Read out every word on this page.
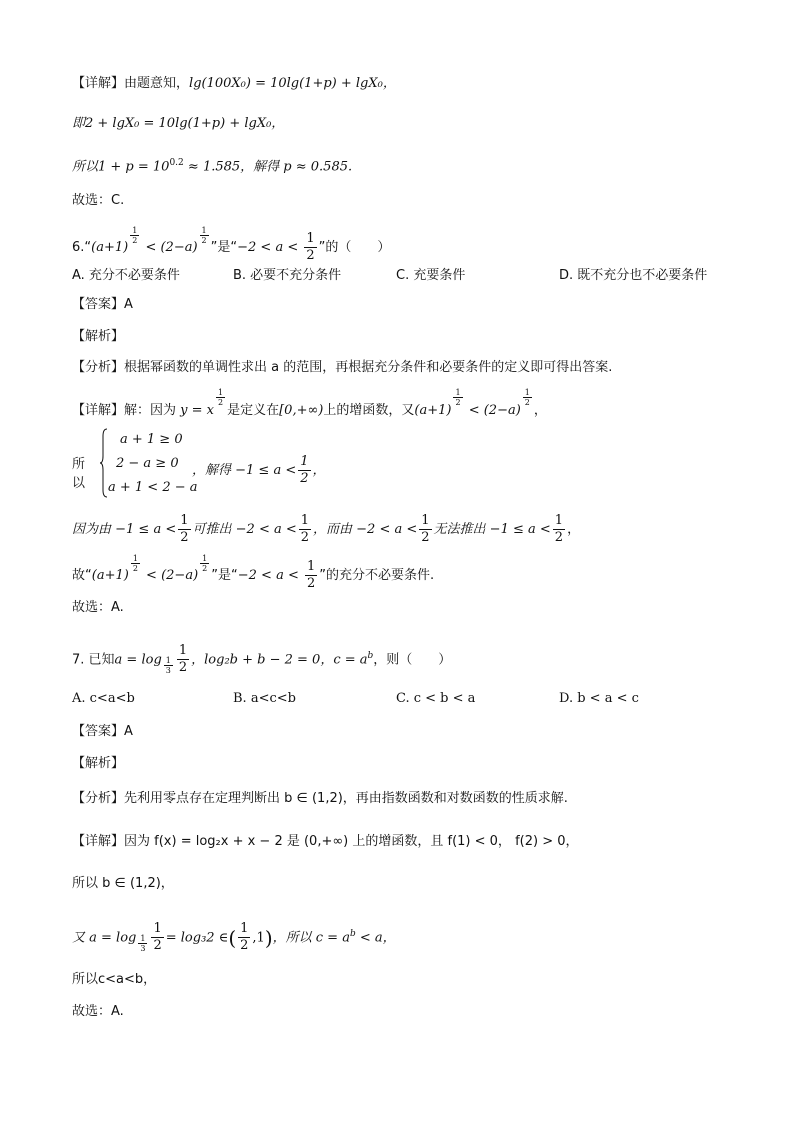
【详解】由题意知，lg(100X₀) = 10lg(1+p) + lgX₀，
即2 + lgX₀ = 10lg(1+p) + lgX₀，
所以$1 + p = 10^{0.2} \approx 1.585$，解得 p ≈ 0.585.
故选：C.
6.“(a+1)
$\frac{1}{2}$
< (2−a)
$\frac{1}{2}$
”是“$-2 < a < \frac{1}{2}$ ”的（　　）
A. 充分不必要条件	B. 必要不充分条件	C. 充要条件	D. 既不充分也不必要条件
【答案】A
【解析】
【分析】根据幂函数的单调性求出 a 的范围，再根据充分条件和必要条件的定义即可得出答案.
【详解】解：因为 y = x
$\frac{1}{2}$
是定义在[0,+∞)上的增函数，又(a+1)
$\frac{1}{2}$
< (2−a)
$\frac{1}{2}$
，
所以
a + 1 ≥ 0
2 − a ≥ 0
a + 1 < 2 − a
，解得 $-1 \le a < \frac{1}{2}$ ，
因为由 $-1 \le a < \frac{1}{2}$ 可推出 $-2 < a < \frac{1}{2}$ ，而由 $-2 < a < \frac{1}{2}$ 无法推出 $-1 \le a < \frac{1}{2}$ ，
故“(a+1)
$\frac{1}{2}$
< (2−a)
$\frac{1}{2}$
”是“$-2 < a < \frac{1}{2}$ ”的充分不必要条件.
故选：A.
7. 已知$a = \log \frac{1}{3} \frac{1}{2}$ ，log₂b + b − 2 = 0，$c = a^b$，则（　　）
A. c<a<b	B. a<c<b	C. c < b < a	D. b < a < c
【答案】A
【解析】
【分析】先利用零点存在定理判断出 b ∈ (1,2)，再由指数函数和对数函数的性质求解.
【详解】因为 f(x) = log₂x + x − 2 是 (0,+∞) 上的增函数，且 f(1) < 0， f(2) > 0，
所以 b ∈ (1,2)，
又 $a = \log \frac{1}{3} \frac{1}{2} = \log_32$ ∈( $\frac{1}{2} ,1$)，所以 $c = a^b < a$，
所以c<a<b，
故选：A.
